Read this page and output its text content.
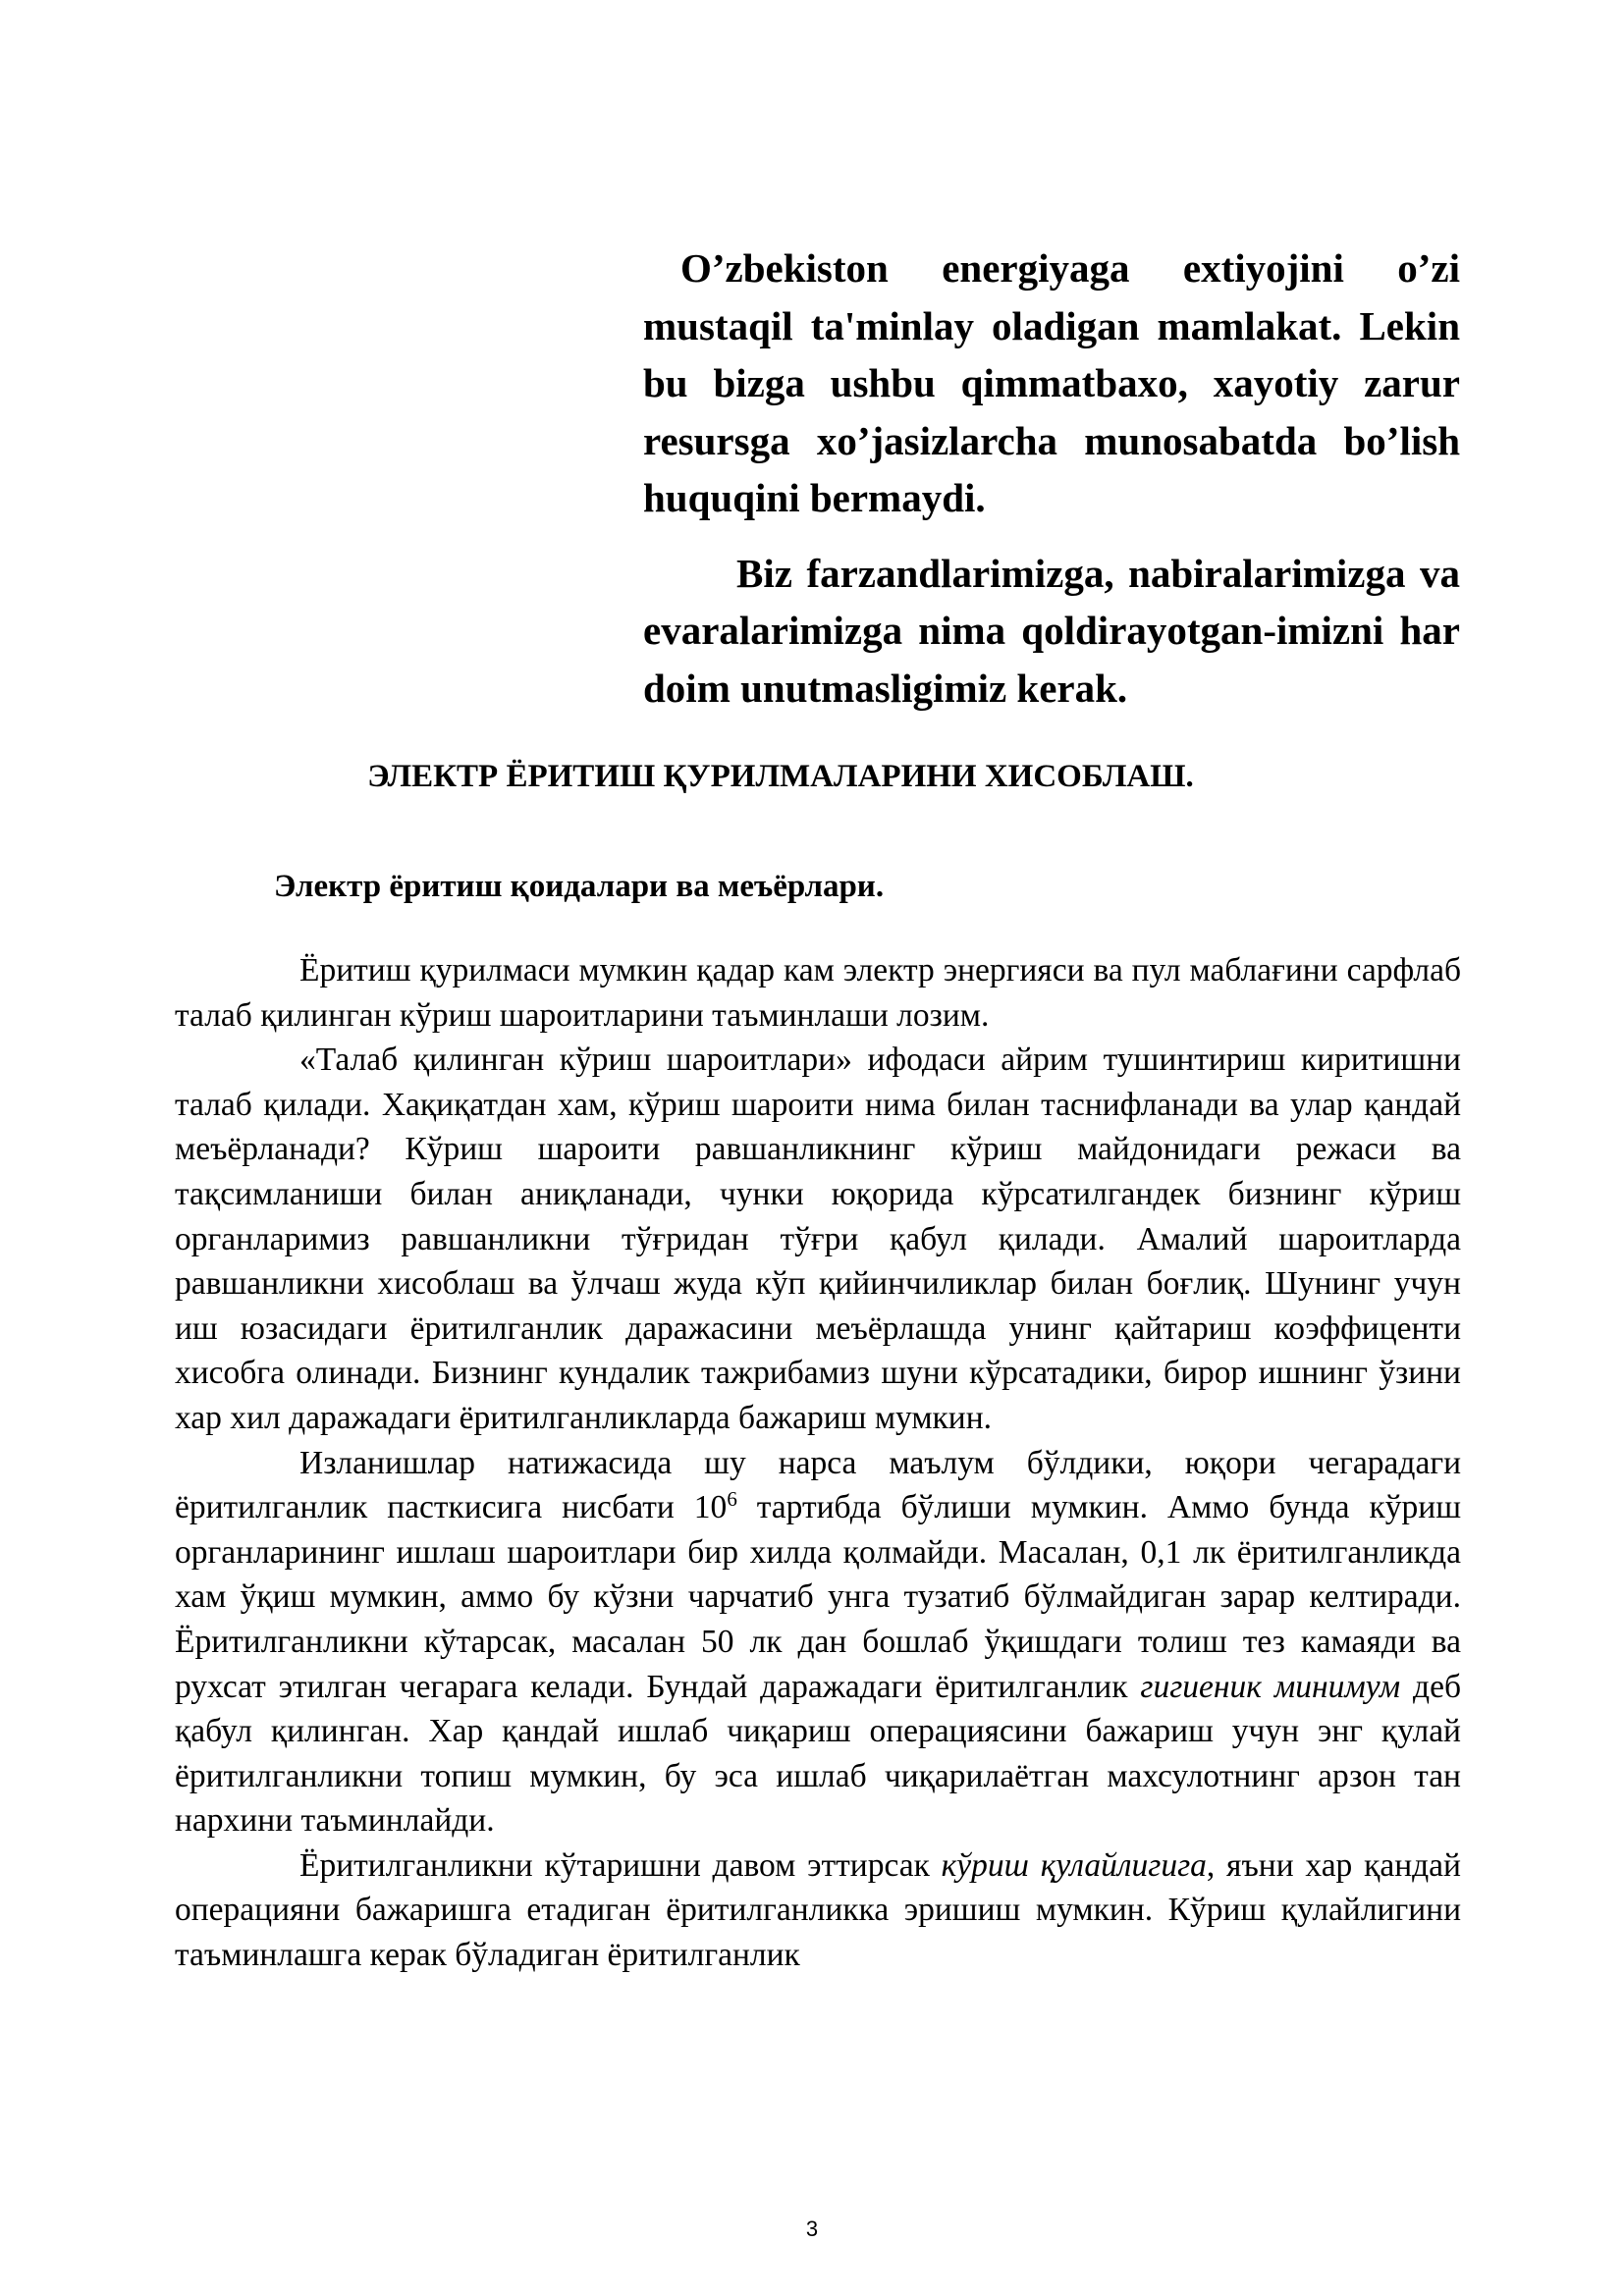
O’zbekiston energiyaga extiyojini o’zi mustaqil ta'minlay oladigan mamlakat. Lekin bu bizga ushbu qimmatbaxo, xayotiy zarur resursga xo’jasizlarcha munosabatda bo’lish huquqini bermaydi.

Biz farzandlarimizga, nabiralarimizga va evaralarimizga nima qoldirayotgan-imizni har doim unutmasligimiz kerak.

ЭЛЕКТР ЁРИТИШ ҚУРИЛМАЛАРИНИ ХИСОБЛАШ.
Электр ёритиш қоидалари ва меъёрлари.

Ёритиш қурилмаси мумкин қадар кам электр энергияси ва пул маблағини сарфлаб талаб қилинган кўриш шароитларини таъминлаши лозим.

«Талаб қилинган кўриш шароитлари» ифодаси айрим тушинтириш киритишни талаб қилади. Хақиқатдан хам, кўриш шароити нима билан таснифланади ва улар қандай меъёрланади? Кўриш шароити равшанликнинг кўриш майдонидаги режаси ва тақсимланиши билан аниқланади, чунки юқорида кўрсатилгандек бизнинг кўриш органларимиз равшанликни тўғридан тўғри қабул қилади. Амалий шароитларда равшанликни хисоблаш ва ўлчаш жуда кўп қийинчиликлар билан боғлиқ. Шунинг учун иш юзасидаги ёритилганлик даражасини меъёрлашда унинг қайтариш коэффиценти хисобга олинади. Бизнинг кундалик тажрибамиз шуни кўрсатадики, бирор ишнинг ўзини хар хил даражадаги ёритилганликларда бажариш мумкин.

Изланишлар натижасида шу нарса маълум бўлдики, юқори чегарадаги ёритилганлик пасткисига нисбати $10^6$ тартибда бўлиши мумкин. Аммо бунда кўриш органларининг ишлаш шароитлари бир хилда қолмайди. Масалан, 0,1 лк ёритилганликда хам ўқиш мумкин, аммо бу кўзни чарчатиб унга тузатиб бўлмайдиган зарар келтиради. Ёритилганликни кўтарсак, масалан 50 лк дан бошлаб ўқишдаги толиш тез камаяди ва рухсат этилган чегарага келади. Бундай даражадаги ёритилганлик гигиеник минимум деб қабул қилинган. Хар қандай ишлаб чиқариш операциясини бажариш учун энг қулай ёритилганликни топиш мумкин, бу эса ишлаб чиқарилаётган махсулотнинг арзон тан нархини таъминлайди.

Ёритилганликни кўтаришни давом эттирсак кўриш қулайлигига, яъни хар қандай операцияни бажаришга етадиган ёритилганликка эришиш мумкин. Кўриш қулайлигини таъминлашга керак бўладиган ёритилганлик

3
